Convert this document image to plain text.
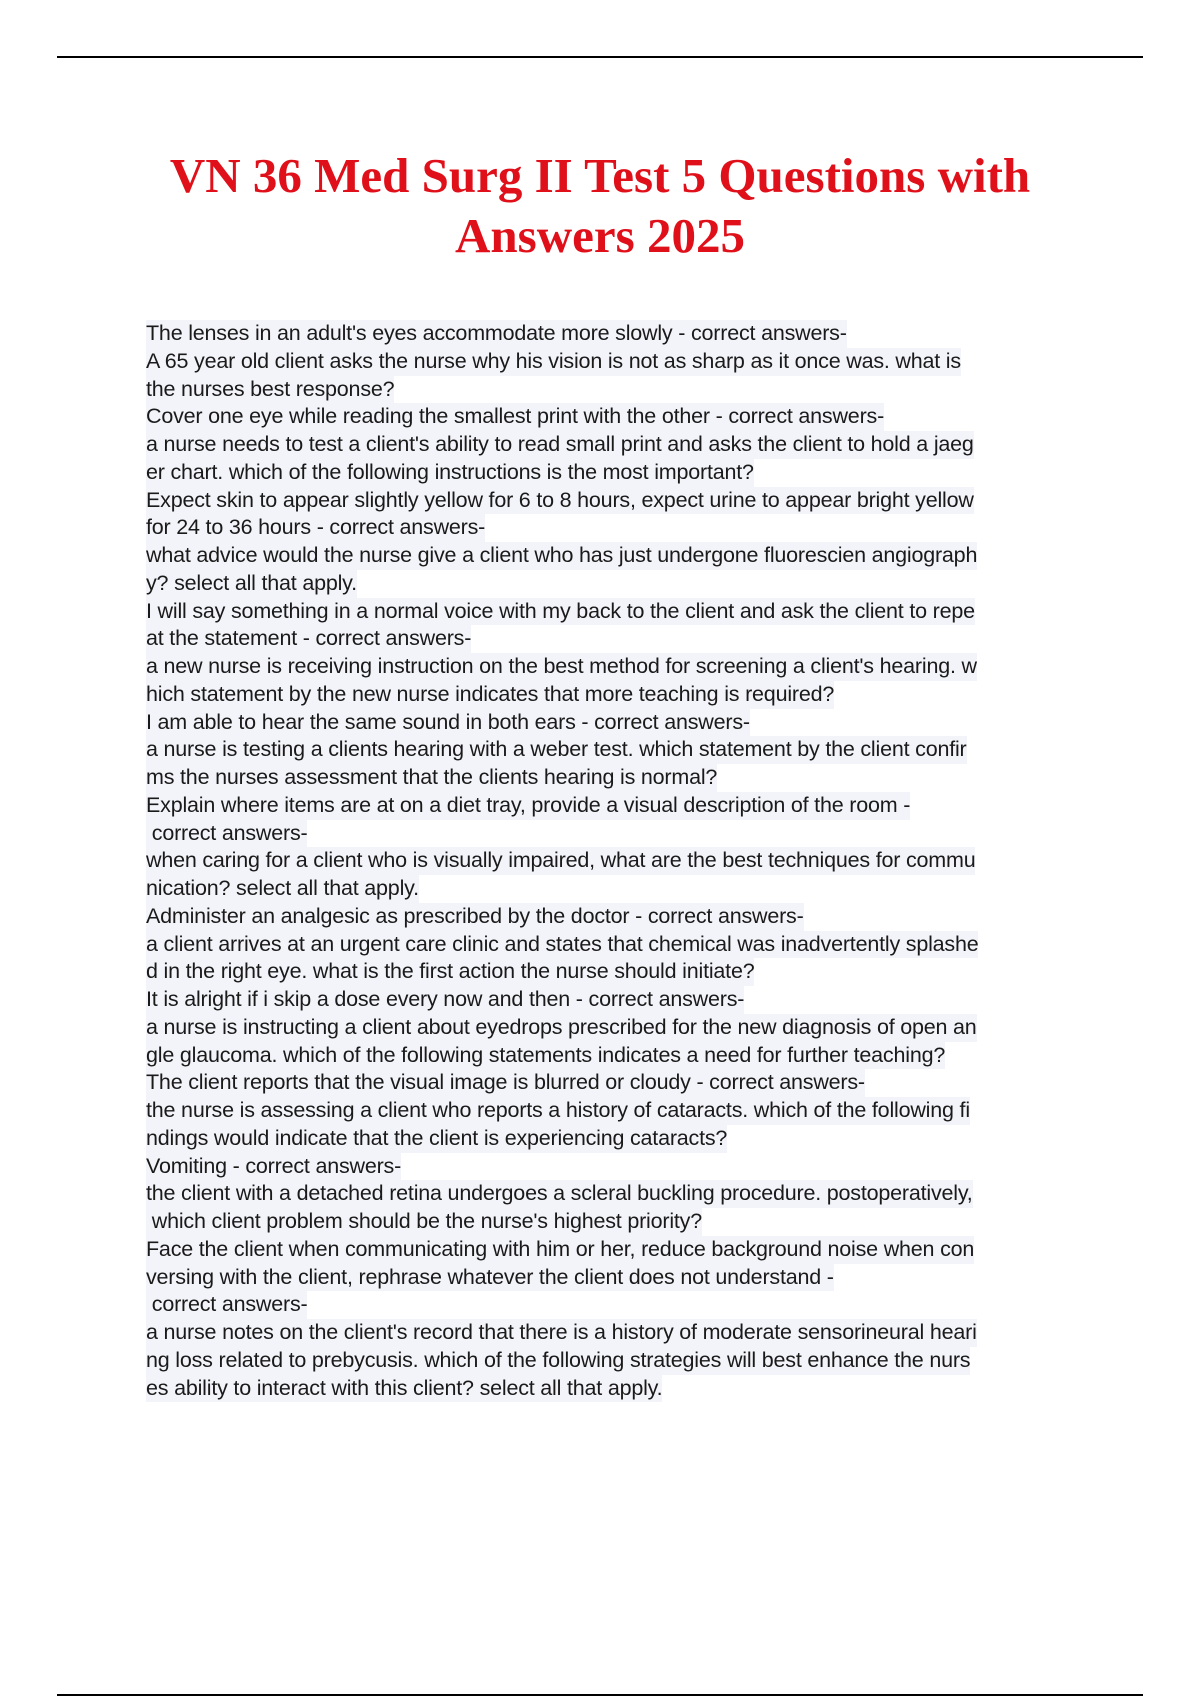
VN 36 Med Surg II Test 5 Questions with
Answers 2025
The lenses in an adult's eyes accommodate more slowly - correct answers-
A 65 year old client asks the nurse why his vision is not as sharp as it once was. what is
the nurses best response?
Cover one eye while reading the smallest print with the other - correct answers-
a nurse needs to test a client's ability to read small print and asks the client to hold a jaeg
er chart. which of the following instructions is the most important?
Expect skin to appear slightly yellow for 6 to 8 hours, expect urine to appear bright yellow
for 24 to 36 hours - correct answers-
what advice would the nurse give a client who has just undergone fluorescien angiograph
y? select all that apply.
I will say something in a normal voice with my back to the client and ask the client to repe
at the statement - correct answers-
a new nurse is receiving instruction on the best method for screening a client's hearing. w
hich statement by the new nurse indicates that more teaching is required?
I am able to hear the same sound in both ears - correct answers-
a nurse is testing a clients hearing with a weber test. which statement by the client confir
ms the nurses assessment that the clients hearing is normal?
Explain where items are at on a diet tray, provide a visual description of the room -
correct answers-
when caring for a client who is visually impaired, what are the best techniques for commu
nication? select all that apply.
Administer an analgesic as prescribed by the doctor - correct answers-
a client arrives at an urgent care clinic and states that chemical was inadvertently splashe
d in the right eye. what is the first action the nurse should initiate?
It is alright if i skip a dose every now and then - correct answers-
a nurse is instructing a client about eyedrops prescribed for the new diagnosis of open an
gle glaucoma. which of the following statements indicates a need for further teaching?
The client reports that the visual image is blurred or cloudy - correct answers-
the nurse is assessing a client who reports a history of cataracts. which of the following fi
ndings would indicate that the client is experiencing cataracts?
Vomiting - correct answers-
the client with a detached retina undergoes a scleral buckling procedure. postoperatively,
which client problem should be the nurse's highest priority?
Face the client when communicating with him or her, reduce background noise when con
versing with the client, rephrase whatever the client does not understand -
correct answers-
a nurse notes on the client's record that there is a history of moderate sensorineural heari
ng loss related to prebycusis. which of the following strategies will best enhance the nurs
es ability to interact with this client? select all that apply.
